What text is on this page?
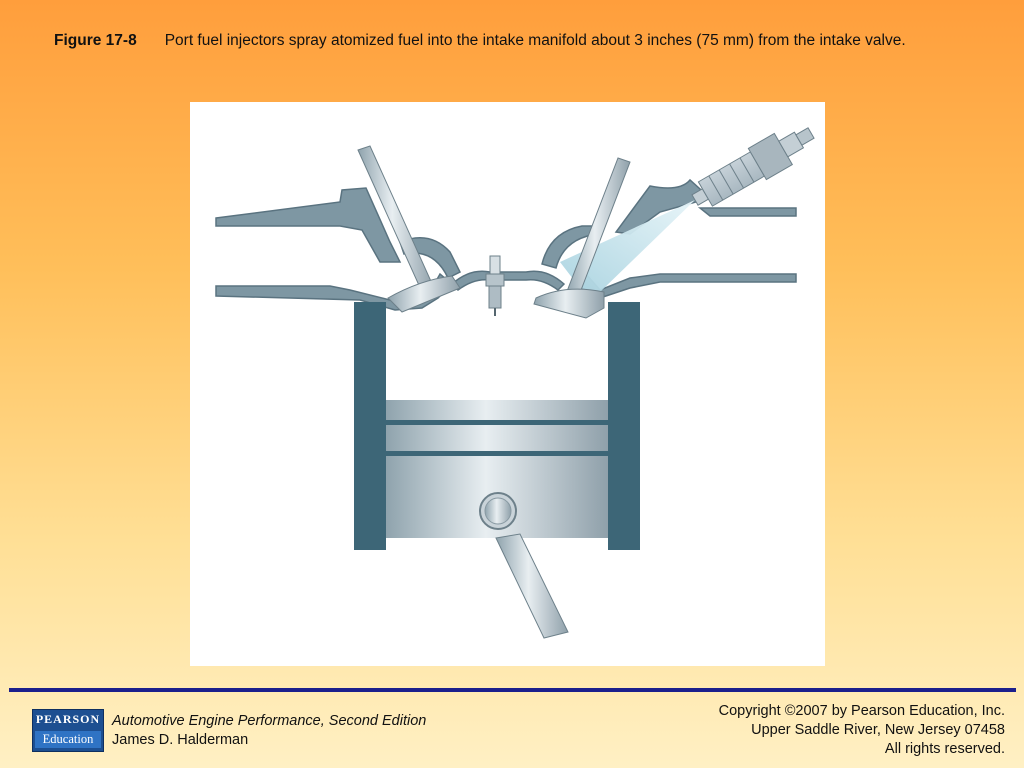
Figure 17-8 Port fuel injectors spray atomized fuel into the intake manifold about 3 inches (75 mm) from the intake valve.
PEARSON
Education
Automotive Engine Performance, Second Edition
James D. Halderman
Copyright ©2007 by Pearson Education, Inc.
Upper Saddle River, New Jersey 07458
All rights reserved.
